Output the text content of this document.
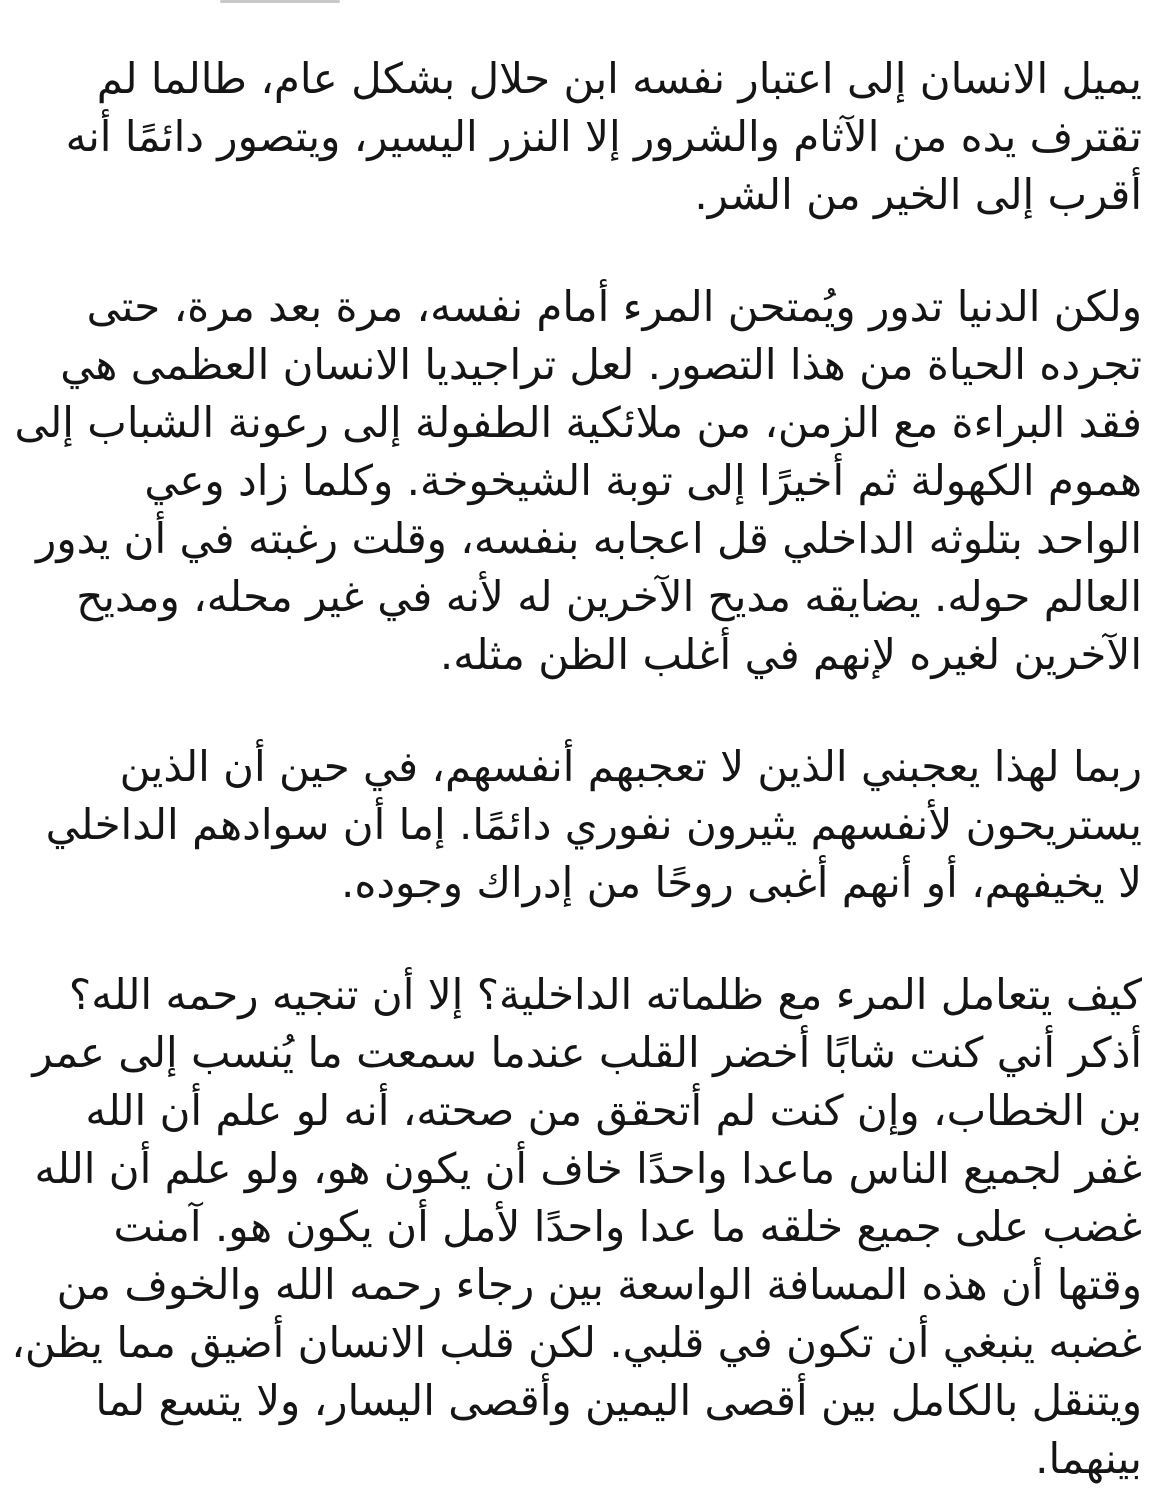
يميل الانسان إلى اعتبار نفسه ابن حلال بشكل عام، طالما لم
تقترف يده من الآثام والشرور إلا النزر اليسير، ويتصور دائمًا أنه
أقرب إلى الخير من الشر.

ولكن الدنيا تدور ويُمتحن المرء أمام نفسه، مرة بعد مرة، حتى
تجرده الحياة من هذا التصور. لعل تراجيديا الانسان العظمى هي
فقد البراءة مع الزمن، من ملائكية الطفولة إلى رعونة الشباب إلى
هموم الكهولة ثم أخيرًا إلى توبة الشيخوخة. وكلما زاد وعي
الواحد بتلوثه الداخلي قل اعجابه بنفسه، وقلت رغبته في أن يدور
العالم حوله. يضايقه مديح الآخرين له لأنه في غير محله، ومديح
الآخرين لغيره لإنهم في أغلب الظن مثله.

ربما لهذا يعجبني الذين لا تعجبهم أنفسهم، في حين أن الذين
يستريحون لأنفسهم يثيرون نفوري دائمًا. إما أن سوادهم الداخلي
لا يخيفهم، أو أنهم أغبى روحًا من إدراك وجوده.

كيف يتعامل المرء مع ظلماته الداخلية؟ إلا أن تنجيه رحمه الله؟
أذكر أني كنت شابًا أخضر القلب عندما سمعت ما يُنسب إلى عمر
بن الخطاب، وإن كنت لم أتحقق من صحته، أنه لو علم أن الله
غفر لجميع الناس ماعدا واحدًا خاف أن يكون هو، ولو علم أن الله
غضب على جميع خلقه ما عدا واحدًا لأمل أن يكون هو. آمنت
وقتها أن هذه المسافة الواسعة بين رجاء رحمه الله والخوف من
غضبه ينبغي أن تكون في قلبي. لكن قلب الانسان أضيق مما يظن،
ويتنقل بالكامل بين أقصى اليمين وأقصى اليسار، ولا يتسع لما
بينهما.
